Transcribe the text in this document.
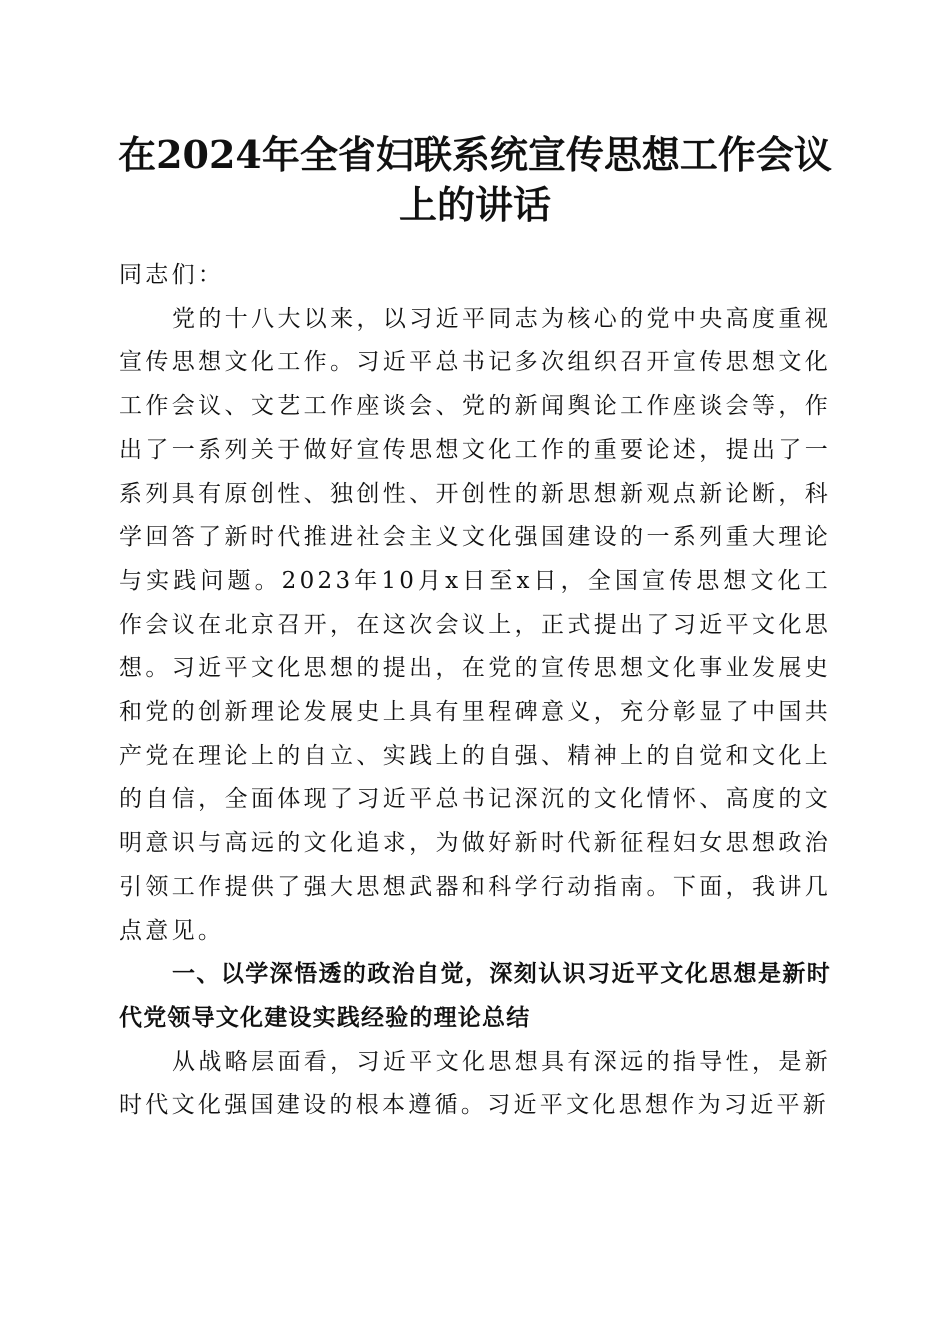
在2024年全省妇联系统宣传思想工作会议上的讲话

同志们：

党的十八大以来，以习近平同志为核心的党中央高度重视宣传思想文化工作。习近平总书记多次组织召开宣传思想文化工作会议、文艺工作座谈会、党的新闻舆论工作座谈会等，作出了一系列关于做好宣传思想文化工作的重要论述，提出了一系列具有原创性、独创性、开创性的新思想新观点新论断，科学回答了新时代推进社会主义文化强国建设的一系列重大理论与实践问题。2023年10月x日至x日，全国宣传思想文化工作会议在北京召开，在这次会议上，正式提出了习近平文化思想。习近平文化思想的提出，在党的宣传思想文化事业发展史和党的创新理论发展史上具有里程碑意义，充分彰显了中国共产党在理论上的自立、实践上的自强、精神上的自觉和文化上的自信，全面体现了习近平总书记深沉的文化情怀、高度的文明意识与高远的文化追求，为做好新时代新征程妇女思想政治引领工作提供了强大思想武器和科学行动指南。下面，我讲几点意见。

一、以学深悟透的政治自觉，深刻认识习近平文化思想是新时代党领导文化建设实践经验的理论总结

从战略层面看，习近平文化思想具有深远的指导性，是新时代文化强国建设的根本遵循。习近平文化思想作为习近平新
